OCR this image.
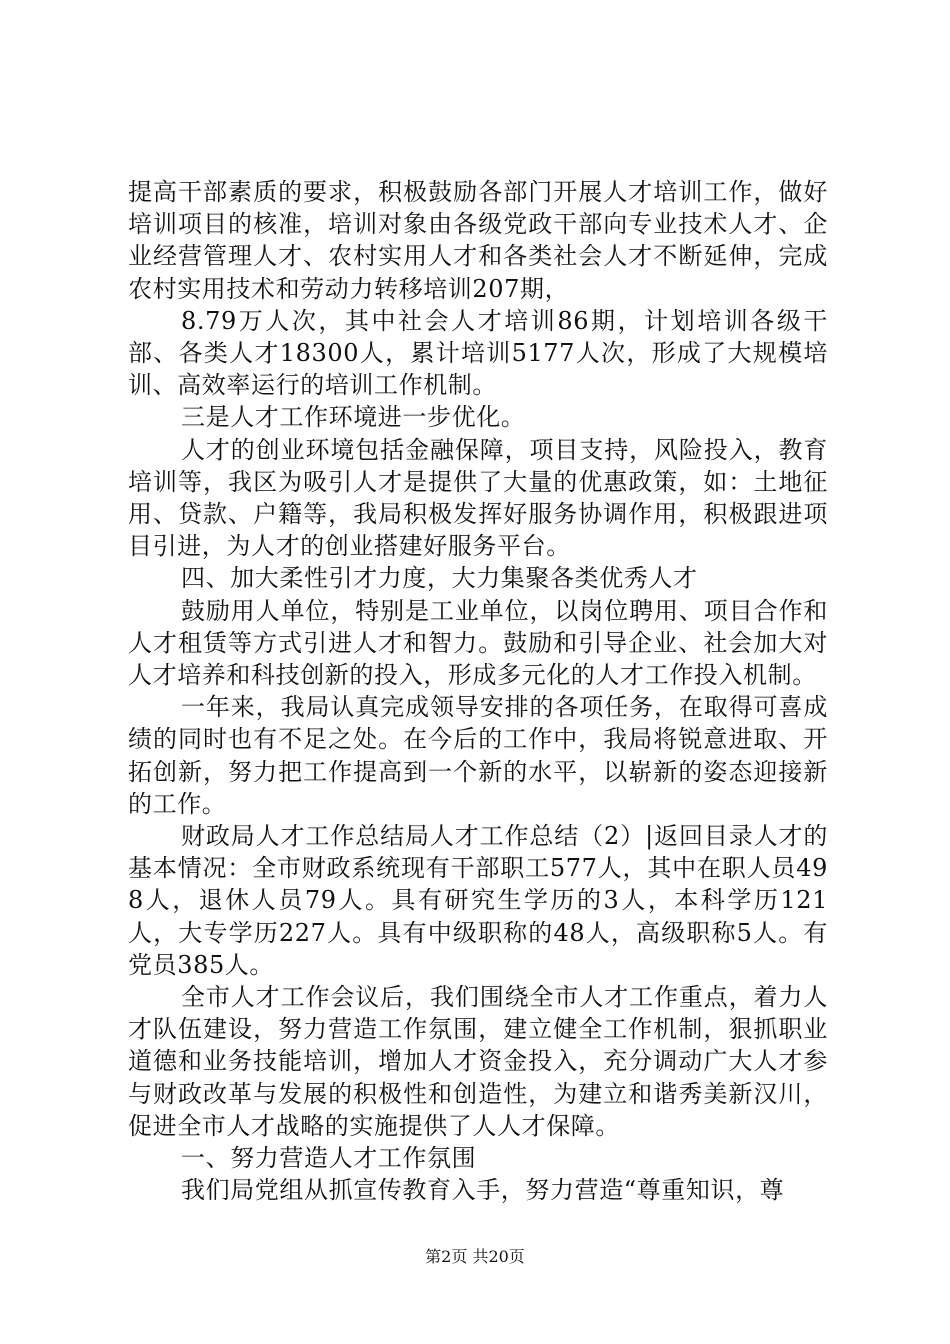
提高干部素质的要求，积极鼓励各部门开展人才培训工作，做好培训项目的核准，培训对象由各级党政干部向专业技术人才、企业经营管理人才、农村实用人才和各类社会人才不断延伸，完成农村实用技术和劳动力转移培训207期，

8.79万人次，其中社会人才培训86期，计划培训各级干部、各类人才18300人，累计培训5177人次，形成了大规模培训、高效率运行的培训工作机制。

三是人才工作环境进一步优化。

人才的创业环境包括金融保障，项目支持，风险投入，教育培训等，我区为吸引人才是提供了大量的优惠政策，如：土地征用、贷款、户籍等，我局积极发挥好服务协调作用，积极跟进项目引进，为人才的创业搭建好服务平台。

四、加大柔性引才力度，大力集聚各类优秀人才

鼓励用人单位，特别是工业单位，以岗位聘用、项目合作和人才租赁等方式引进人才和智力。鼓励和引导企业、社会加大对人才培养和科技创新的投入，形成多元化的人才工作投入机制。

一年来，我局认真完成领导安排的各项任务，在取得可喜成绩的同时也有不足之处。在今后的工作中，我局将锐意进取、开拓创新，努力把工作提高到一个新的水平，以崭新的姿态迎接新的工作。

财政局人才工作总结局人才工作总结（2）|返回目录人才的基本情况：全市财政系统现有干部职工577人，其中在职人员498人，退休人员79人。具有研究生学历的3人，本科学历121人，大专学历227人。具有中级职称的48人，高级职称5人。有党员385人。

全市人才工作会议后，我们围绕全市人才工作重点，着力人才队伍建设，努力营造工作氛围，建立健全工作机制，狠抓职业道德和业务技能培训，增加人才资金投入，充分调动广大人才参与财政改革与发展的积极性和创造性，为建立和谐秀美新汉川，促进全市人才战略的实施提供了人人才保障。

一、努力营造人才工作氛围

我们局党组从抓宣传教育入手，努力营造“尊重知识，尊

第2页 共20页
